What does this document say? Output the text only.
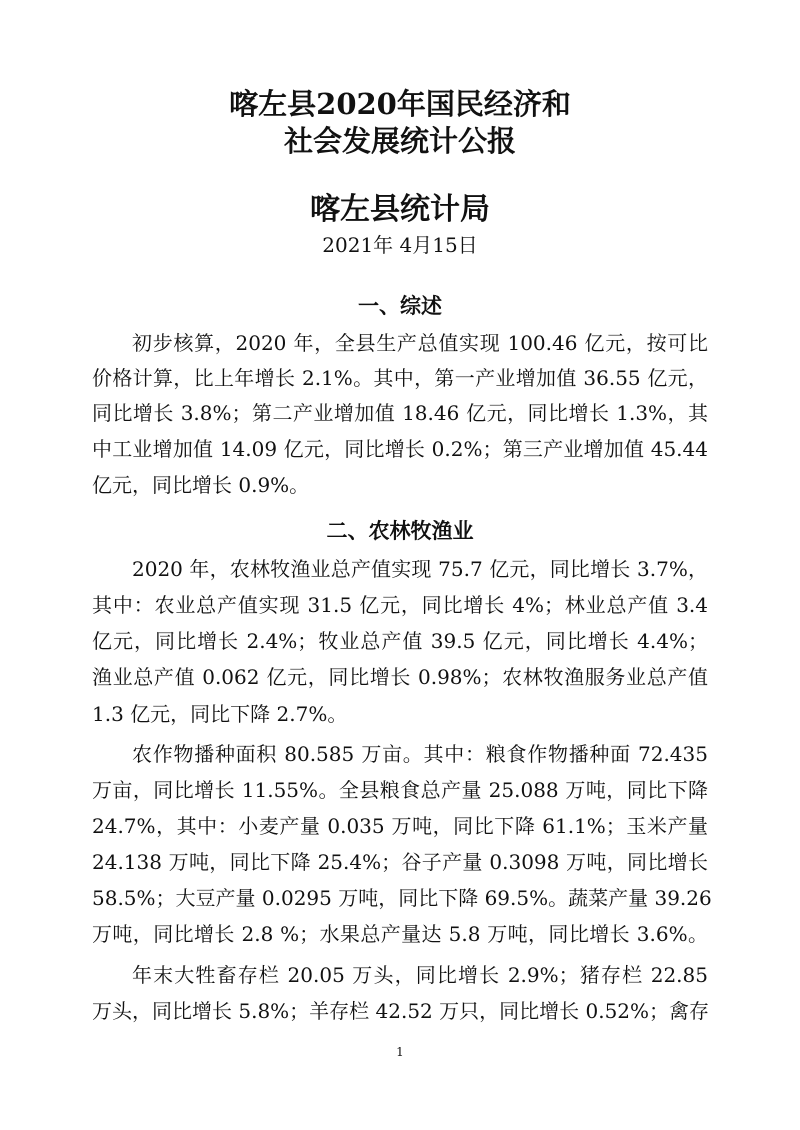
喀左县2020年国民经济和
社会发展统计公报
喀左县统计局
2021年 4月15日
一、综述
初步核算，2020 年，全县生产总值实现 100.46 亿元，按可比
价格计算，比上年增长 2.1%。其中，第一产业增加值 36.55 亿元，
同比增长 3.8%；第二产业增加值 18.46 亿元，同比增长 1.3%，其
中工业增加值 14.09 亿元，同比增长 0.2%；第三产业增加值 45.44
亿元，同比增长 0.9%。
二、农林牧渔业
2020 年，农林牧渔业总产值实现 75.7 亿元，同比增长 3.7%，
其中：农业总产值实现 31.5 亿元，同比增长 4%；林业总产值 3.4
亿元，同比增长 2.4%；牧业总产值 39.5 亿元，同比增长 4.4%；
渔业总产值 0.062 亿元，同比增长 0.98%；农林牧渔服务业总产值
1.3 亿元，同比下降 2.7%。
农作物播种面积 80.585 万亩。其中：粮食作物播种面 72.435
万亩，同比增长 11.55%。全县粮食总产量 25.088 万吨，同比下降
24.7%，其中：小麦产量 0.035 万吨，同比下降 61.1%；玉米产量
24.138 万吨，同比下降 25.4%；谷子产量 0.3098 万吨，同比增长
58.5%；大豆产量 0.0295 万吨，同比下降 69.5%。蔬菜产量 39.26
万吨，同比增长 2.8 %；水果总产量达 5.8 万吨，同比增长 3.6%。
年末大牲畜存栏 20.05 万头，同比增长 2.9%；猪存栏 22.85
万头，同比增长 5.8%；羊存栏 42.52 万只，同比增长 0.52%；禽存
1
